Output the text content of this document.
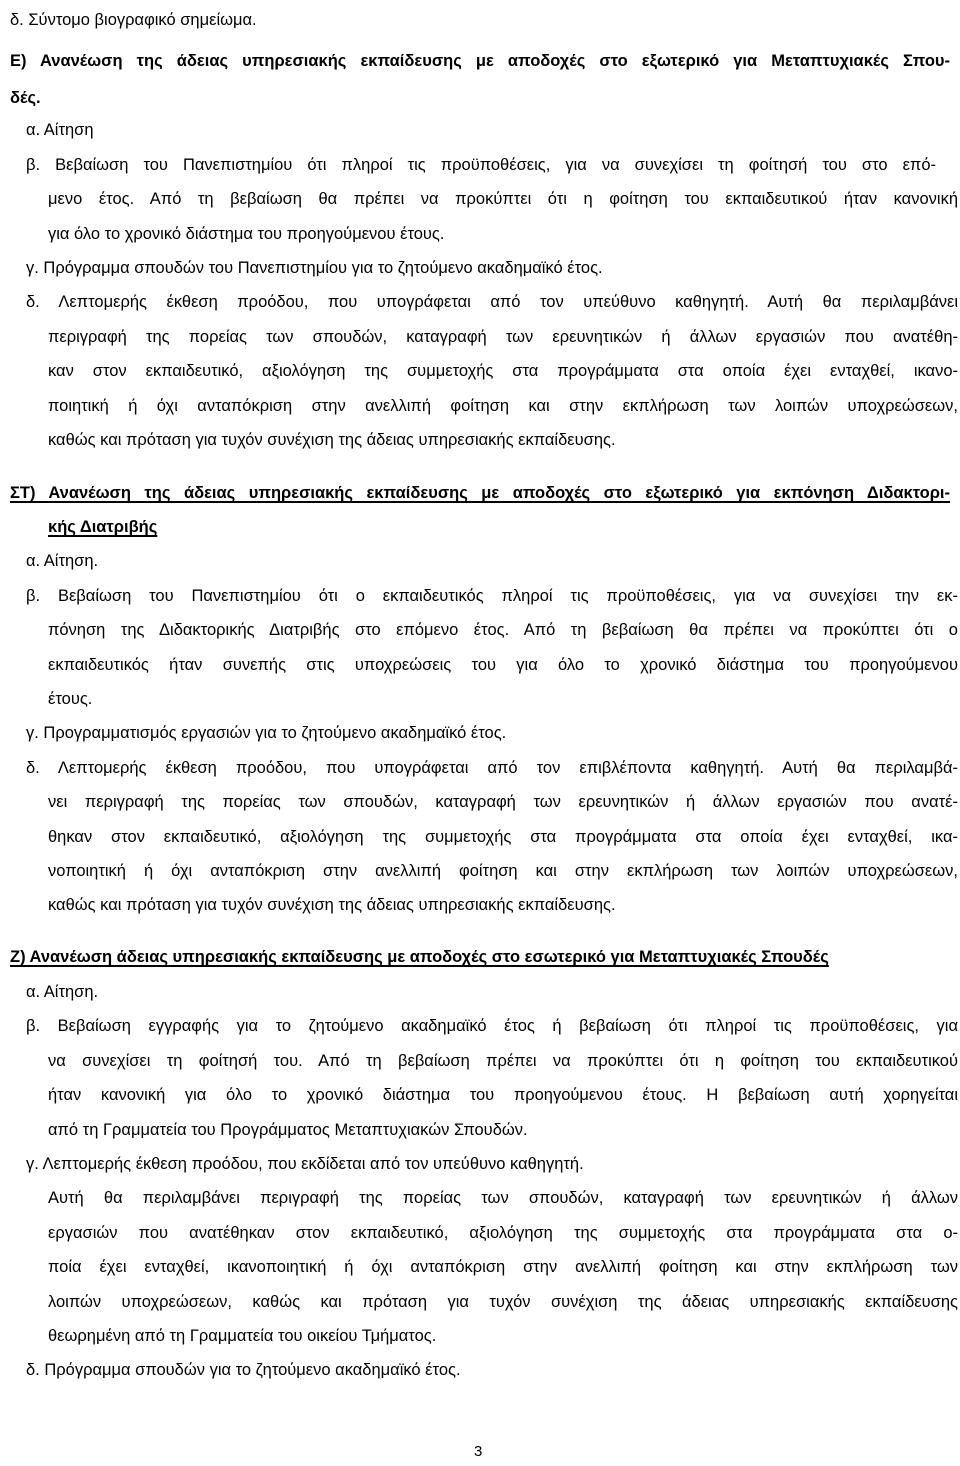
δ. Σύντομο βιογραφικό σημείωμα.
Ε) Ανανέωση της άδειας υπηρεσιακής εκπαίδευσης με αποδοχές στο εξωτερικό για Μεταπτυχιακές Σπου-
δές.
α. Αίτηση
β. Βεβαίωση του Πανεπιστημίου ότι πληροί τις προϋποθέσεις, για να συνεχίσει τη φοίτησή του στο επό-
μενο έτος. Από τη βεβαίωση θα πρέπει να προκύπτει ότι η φοίτηση του εκπαιδευτικού ήταν κανονική
για όλο το χρονικό διάστημα του προηγούμενου έτους.
γ. Πρόγραμμα σπουδών του Πανεπιστημίου για το ζητούμενο ακαδημαϊκό έτος.
δ. Λεπτομερής έκθεση προόδου, που υπογράφεται από τον υπεύθυνο καθηγητή. Αυτή θα περιλαμβάνει
περιγραφή της πορείας των σπουδών, καταγραφή των ερευνητικών ή άλλων εργασιών που ανατέθη-
καν στον εκπαιδευτικό, αξιολόγηση της συμμετοχής στα προγράμματα στα οποία έχει ενταχθεί, ικανο-
ποιητική ή όχι ανταπόκριση στην ανελλιπή φοίτηση και στην εκπλήρωση των λοιπών υποχρεώσεων,
καθώς και πρόταση για τυχόν συνέχιση της άδειας υπηρεσιακής εκπαίδευσης.
ΣΤ) Ανανέωση της άδειας υπηρεσιακής εκπαίδευσης με αποδοχές στο εξωτερικό για εκπόνηση Διδακτορι-
κής Διατριβής
α. Αίτηση.
β. Βεβαίωση του Πανεπιστημίου ότι ο εκπαιδευτικός πληροί τις προϋποθέσεις, για να συνεχίσει την εκ-
πόνηση της Διδακτορικής Διατριβής στο επόμενο έτος. Από τη βεβαίωση θα πρέπει να προκύπτει ότι ο
εκπαιδευτικός ήταν συνεπής στις υποχρεώσεις του για όλο το χρονικό διάστημα του προηγούμενου
έτους.
γ. Προγραμματισμός εργασιών για το ζητούμενο ακαδημαϊκό έτος.
δ. Λεπτομερής έκθεση προόδου, που υπογράφεται από τον επιβλέποντα καθηγητή. Αυτή θα περιλαμβά-
νει περιγραφή της πορείας των σπουδών, καταγραφή των ερευνητικών ή άλλων εργασιών που ανατέ-
θηκαν στον εκπαιδευτικό, αξιολόγηση της συμμετοχής στα προγράμματα στα οποία έχει ενταχθεί, ικα-
νοποιητική ή όχι ανταπόκριση στην ανελλιπή φοίτηση και στην εκπλήρωση των λοιπών υποχρεώσεων,
καθώς και πρόταση για τυχόν συνέχιση της άδειας υπηρεσιακής εκπαίδευσης.
Ζ) Ανανέωση άδειας υπηρεσιακής εκπαίδευσης με αποδοχές στο εσωτερικό για Μεταπτυχιακές Σπουδές
α. Αίτηση.
β. Βεβαίωση εγγραφής για το ζητούμενο ακαδημαϊκό έτος ή βεβαίωση ότι πληροί τις προϋποθέσεις, για
να συνεχίσει τη φοίτησή του. Από τη βεβαίωση πρέπει να προκύπτει ότι η φοίτηση του εκπαιδευτικού
ήταν κανονική για όλο το χρονικό διάστημα του προηγούμενου έτους. Η βεβαίωση αυτή χορηγείται
από τη Γραμματεία του Προγράμματος Μεταπτυχιακών Σπουδών.
γ. Λεπτομερής έκθεση προόδου, που εκδίδεται από τον υπεύθυνο καθηγητή.
Αυτή θα περιλαμβάνει περιγραφή της πορείας των σπουδών, καταγραφή των ερευνητικών ή άλλων
εργασιών που ανατέθηκαν στον εκπαιδευτικό, αξιολόγηση της συμμετοχής στα προγράμματα στα ο-
ποία έχει ενταχθεί, ικανοποιητική ή όχι ανταπόκριση στην ανελλιπή φοίτηση και στην εκπλήρωση των
λοιπών υποχρεώσεων, καθώς και πρόταση για τυχόν συνέχιση της άδειας υπηρεσιακής εκπαίδευσης
θεωρημένη από τη Γραμματεία του οικείου Τμήματος.
δ. Πρόγραμμα σπουδών για το ζητούμενο ακαδημαϊκό έτος.
3
